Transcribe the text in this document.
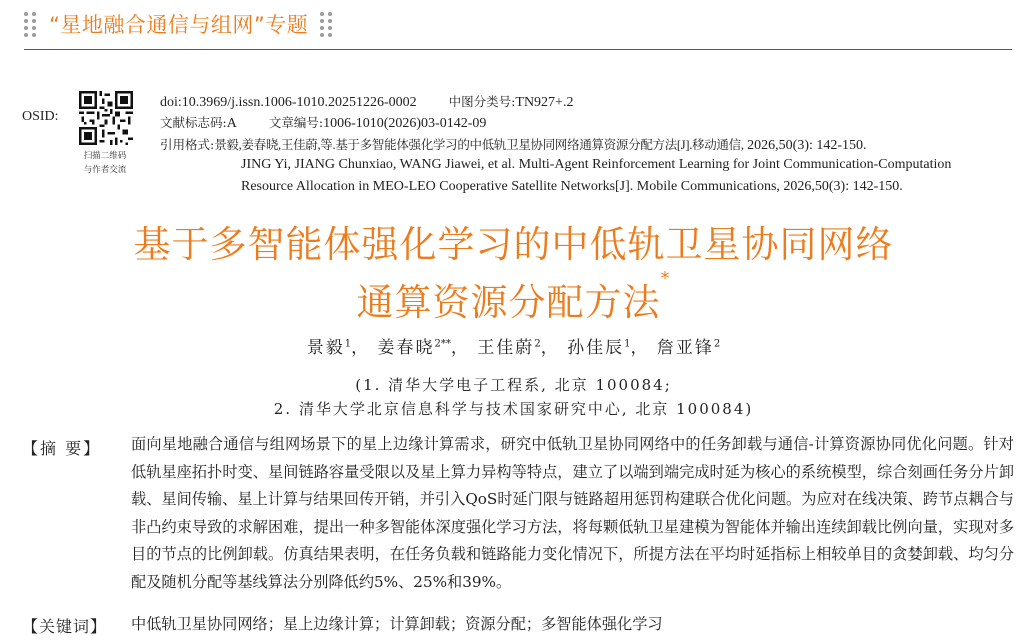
“星地融合通信与组网”专题
OSID:
扫描二维码
与作者交流
doi:10.3969/j.issn.1006-1010.20251226-0002	中图分类号:TN927+.2
文献标志码:A	文章编号:1006-1010(2026)03-0142-09
引用格式:景毅,姜春晓,王佳蔚,等.基于多智能体强化学习的中低轨卫星协同网络通算资源分配方法[J].移动通信, 2026,50(3): 142-150.
JING Yi, JIANG Chunxiao, WANG Jiawei, et al. Multi-Agent Reinforcement Learning for Joint Communication-Computation
Resource Allocation in MEO-LEO Cooperative Satellite Networks[J]. Mobile Communications, 2026,50(3): 142-150.
基于多智能体强化学习的中低轨卫星协同网络
通算资源分配方法*
景毅$^1$， 姜春晓$^{2**}$， 王佳蔚$^2$， 孙佳辰$^1$， 詹亚锋$^2$
(1. 清华大学电子工程系, 北京 100084;
2. 清华大学北京信息科学与技术国家研究中心, 北京 100084)
【摘 要】 面向星地融合通信与组网场景下的星上边缘计算需求，研究中低轨卫星协同网络中的任务卸载与通信-计算资源协同优化问题。针对低轨星座拓扑时变、星间链路容量受限以及星上算力异构等特点，建立了以端到端完成时延为核心的系统模型，综合刻画任务分片卸载、星间传输、星上计算与结果回传开销，并引入QoS时延门限与链路超用惩罚构建联合优化问题。为应对在线决策、跨节点耦合与非凸约束导致的求解困难，提出一种多智能体深度强化学习方法，将每颗低轨卫星建模为智能体并输出连续卸载比例向量，实现对多目的节点的比例卸载。仿真结果表明，在任务负载和链路能力变化情况下，所提方法在平均时延指标上相较单目的贪婪卸载、均匀分配及随机分配等基线算法分别降低约5%、25%和39%。
【关键词】 中低轨卫星协同网络；星上边缘计算；计算卸载；资源分配；多智能体强化学习
